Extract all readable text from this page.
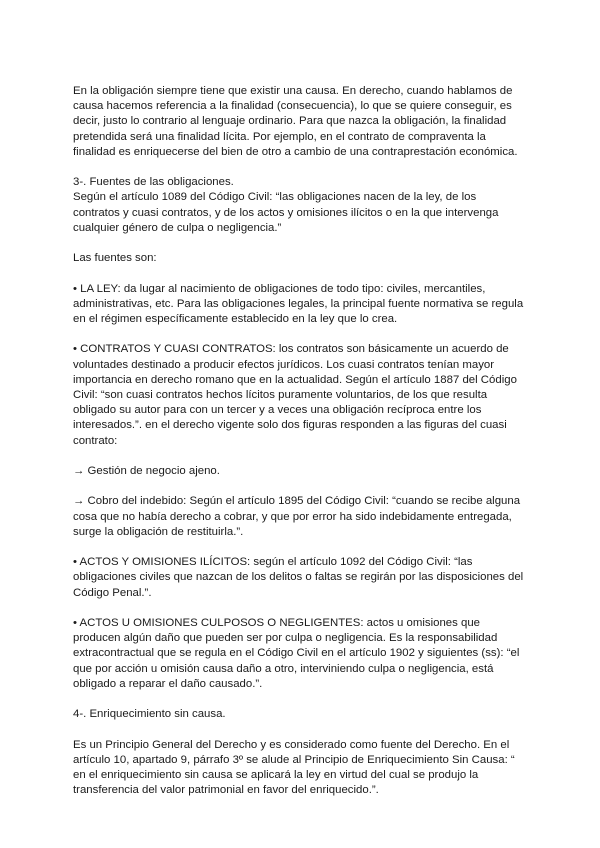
En la obligación siempre tiene que existir una causa. En derecho, cuando hablamos de causa hacemos referencia a la finalidad (consecuencia), lo que se quiere conseguir, es decir, justo lo contrario al lenguaje ordinario. Para que nazca la obligación, la finalidad pretendida será una finalidad lícita. Por ejemplo, en el contrato de compraventa la finalidad es enriquecerse del bien de otro a cambio de una contraprestación económica.

3-. Fuentes de las obligaciones.

Según el artículo 1089 del Código Civil: “las obligaciones nacen de la ley, de los contratos y cuasi contratos, y de los actos y omisiones ilícitos o en la que intervenga cualquier género de culpa o negligencia.”

Las fuentes son:

• LA LEY: da lugar al nacimiento de obligaciones de todo tipo: civiles, mercantiles, administrativas, etc. Para las obligaciones legales, la principal fuente normativa se regula en el régimen específicamente establecido en la ley que lo crea.

• CONTRATOS Y CUASI CONTRATOS: los contratos son básicamente un acuerdo de voluntades destinado a producir efectos jurídicos. Los cuasi contratos tenían mayor importancia en derecho romano que en la actualidad. Según el artículo 1887 del Código Civil: “son cuasi contratos hechos lícitos puramente voluntarios, de los que resulta obligado su autor para con un tercer y a veces una obligación recíproca entre los interesados.”. en el derecho vigente solo dos figuras responden a las figuras del cuasi contrato:

→ Gestión de negocio ajeno.

→ Cobro del indebido: Según el artículo 1895 del Código Civil: “cuando se recibe alguna cosa que no había derecho a cobrar, y que por error ha sido indebidamente entregada, surge la obligación de restituirla.”.

• ACTOS Y OMISIONES ILÍCITOS: según el artículo 1092 del Código Civil: “las obligaciones civiles que nazcan de los delitos o faltas se regirán por las disposiciones del Código Penal.”.

• ACTOS U OMISIONES CULPOSOS O NEGLIGENTES: actos u omisiones que producen algún daño que pueden ser por culpa o negligencia. Es la responsabilidad extracontractual que se regula en el Código Civil en el artículo 1902 y siguientes (ss): “el que por acción u omisión causa daño a otro, interviniendo culpa o negligencia, está obligado a reparar el daño causado.”.

4-. Enriquecimiento sin causa.

Es un Principio General del Derecho y es considerado como fuente del Derecho. En el artículo 10, apartado 9, párrafo 3º se alude al Principio de Enriquecimiento Sin Causa: “ en el enriquecimiento sin causa se aplicará la ley en virtud del cual se produjo la transferencia del valor patrimonial en favor del enriquecido.”.
